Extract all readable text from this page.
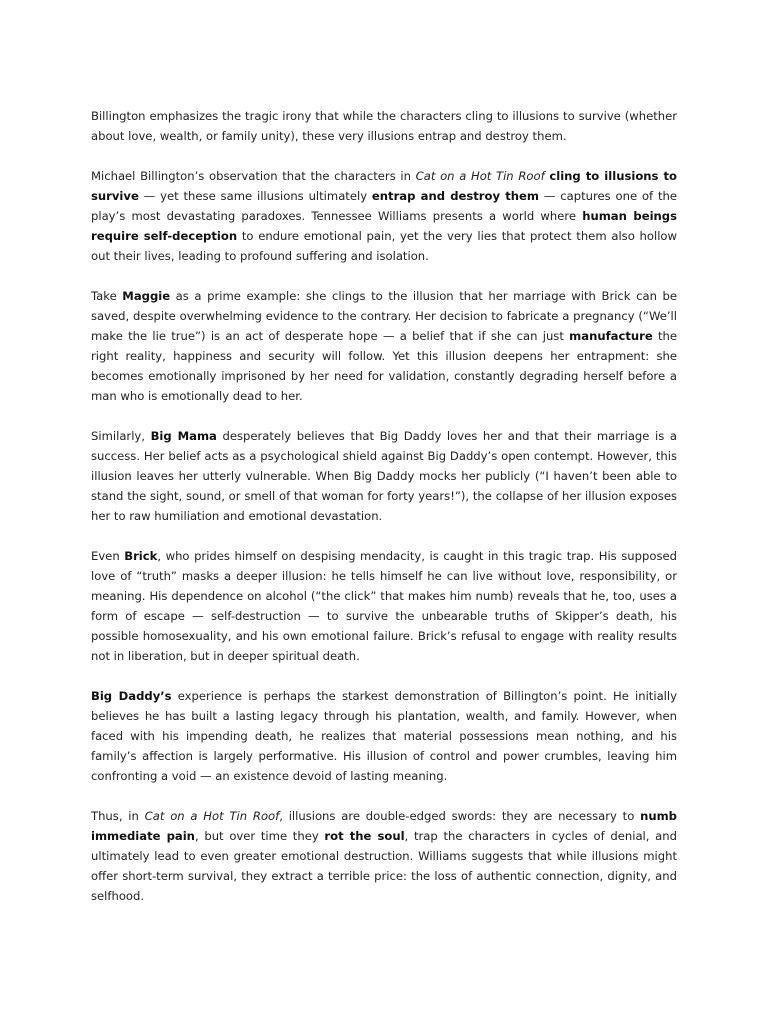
Billington emphasizes the tragic irony that while the characters cling to illusions to survive (whether about love, wealth, or family unity), these very illusions entrap and destroy them.

Michael Billington’s observation that the characters in Cat on a Hot Tin Roof cling to illusions to survive — yet these same illusions ultimately entrap and destroy them — captures one of the play’s most devastating paradoxes. Tennessee Williams presents a world where human beings require self-deception to endure emotional pain, yet the very lies that protect them also hollow out their lives, leading to profound suffering and isolation.

Take Maggie as a prime example: she clings to the illusion that her marriage with Brick can be saved, despite overwhelming evidence to the contrary. Her decision to fabricate a pregnancy (“We’ll make the lie true”) is an act of desperate hope — a belief that if she can just manufacture the right reality, happiness and security will follow. Yet this illusion deepens her entrapment: she becomes emotionally imprisoned by her need for validation, constantly degrading herself before a man who is emotionally dead to her.

Similarly, Big Mama desperately believes that Big Daddy loves her and that their marriage is a success. Her belief acts as a psychological shield against Big Daddy’s open contempt. However, this illusion leaves her utterly vulnerable. When Big Daddy mocks her publicly (“I haven’t been able to stand the sight, sound, or smell of that woman for forty years!”), the collapse of her illusion exposes her to raw humiliation and emotional devastation.

Even Brick, who prides himself on despising mendacity, is caught in this tragic trap. His supposed love of “truth” masks a deeper illusion: he tells himself he can live without love, responsibility, or meaning. His dependence on alcohol (“the click” that makes him numb) reveals that he, too, uses a form of escape — self-destruction — to survive the unbearable truths of Skipper’s death, his possible homosexuality, and his own emotional failure. Brick’s refusal to engage with reality results not in liberation, but in deeper spiritual death.

Big Daddy’s experience is perhaps the starkest demonstration of Billington’s point. He initially believes he has built a lasting legacy through his plantation, wealth, and family. However, when faced with his impending death, he realizes that material possessions mean nothing, and his family’s affection is largely performative. His illusion of control and power crumbles, leaving him confronting a void — an existence devoid of lasting meaning.

Thus, in Cat on a Hot Tin Roof, illusions are double-edged swords: they are necessary to numb immediate pain, but over time they rot the soul, trap the characters in cycles of denial, and ultimately lead to even greater emotional destruction. Williams suggests that while illusions might offer short-term survival, they extract a terrible price: the loss of authentic connection, dignity, and selfhood.
